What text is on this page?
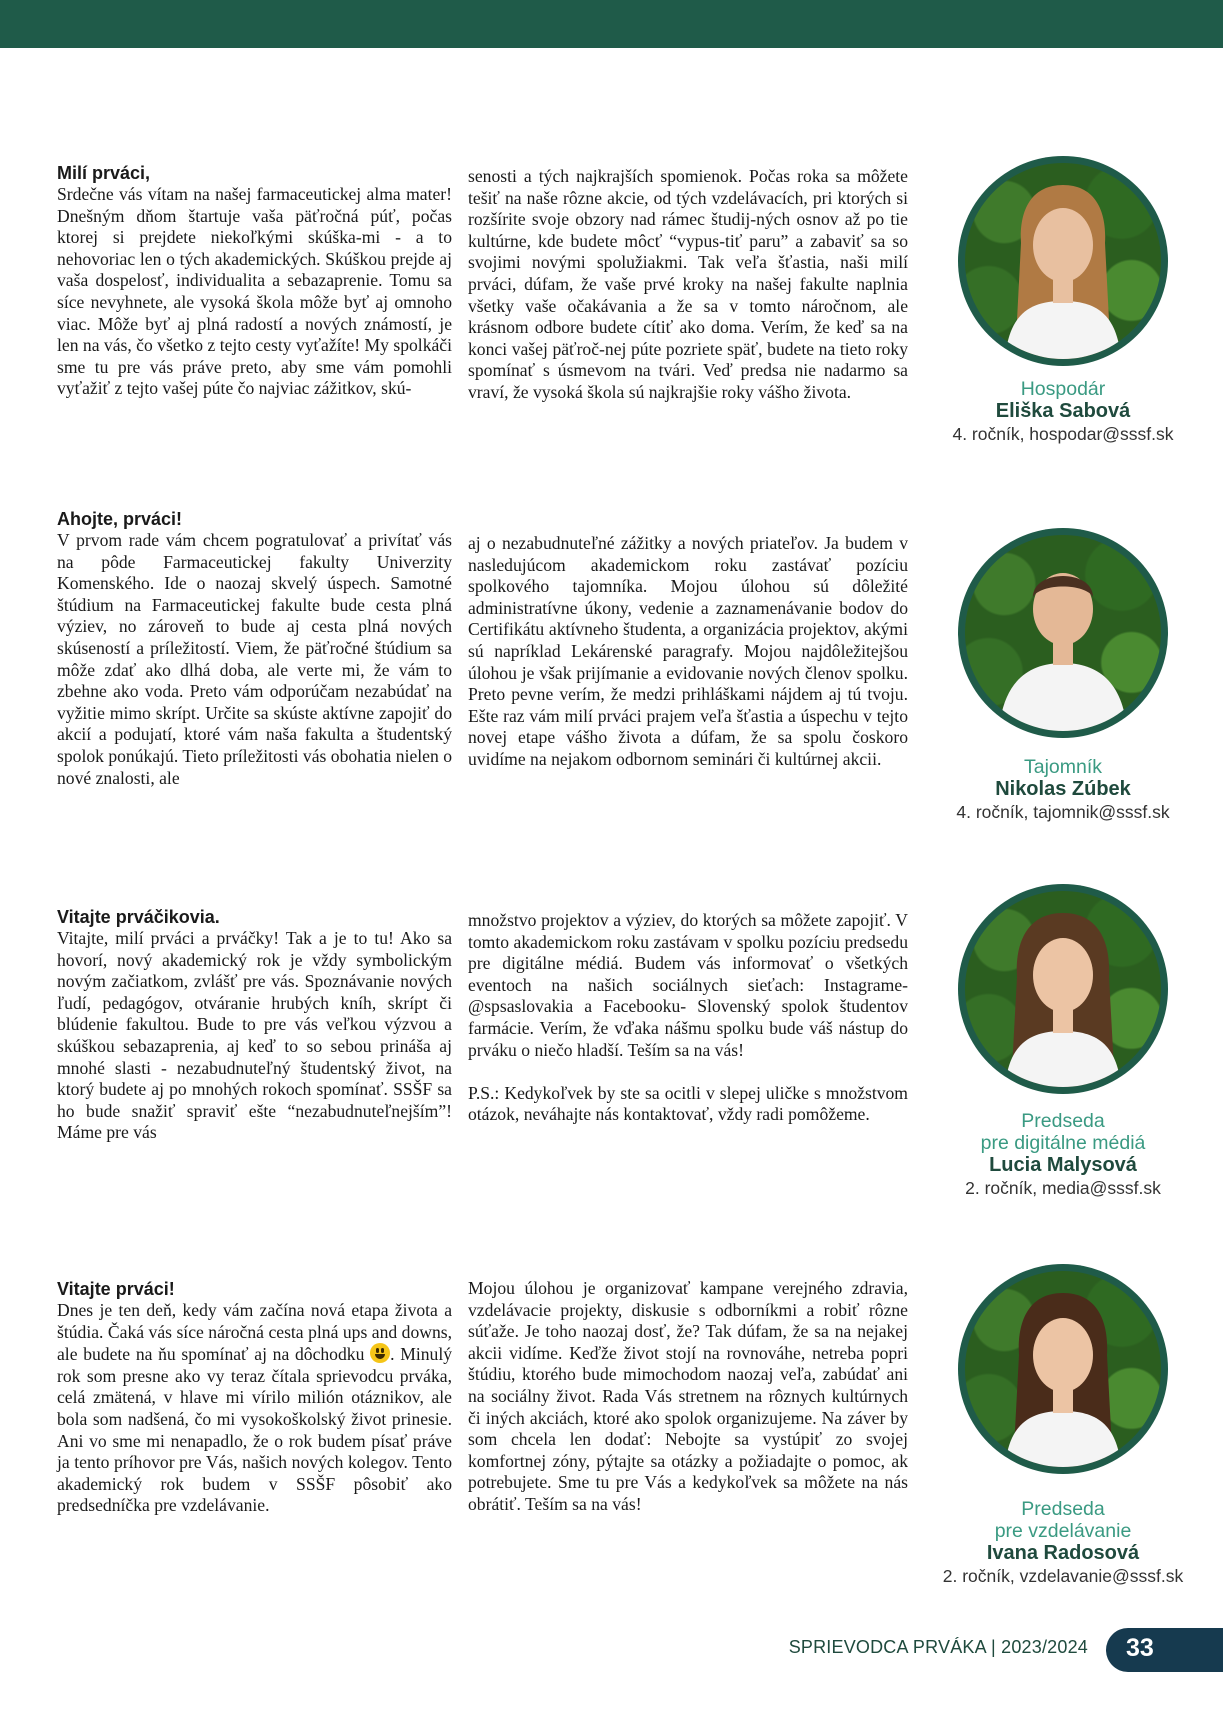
Milí prváci,

Srdečne vás vítam na našej farmaceutickej alma mater! Dnešným dňom štartuje vaša päťročná púť, počas ktorej si prejdete niekoľkými skúška-mi - a to nehovoriac len o tých akademických. Skúškou prejde aj vaša dospelosť, individualita a sebazaprenie. Tomu sa síce nevyhnete, ale vysoká škola môže byť aj omnoho viac. Môže byť aj plná radostí a nových známostí, je len na vás, čo všetko z tejto cesty vyťažíte! My spolkáči sme tu pre vás práve preto, aby sme vám pomohli vyťažiť z tejto vašej púte čo najviac zážitkov, skú-

senosti a tých najkrajších spomienok. Počas roka sa môžete tešiť na naše rôzne akcie, od tých vzdelávacích, pri ktorých si rozšírite svoje obzory nad rámec študij-ných osnov až po tie kultúrne, kde budete môcť “vypus-tiť paru” a zabaviť sa so svojimi novými spolužiakmi. Tak veľa šťastia, naši milí prváci, dúfam, že vaše prvé kroky na našej fakulte naplnia všetky vaše očakávania a že sa v tomto náročnom, ale krásnom odbore budete cítiť ako doma. Verím, že keď sa na konci vašej päťroč-nej púte pozriete späť, budete na tieto roky spomínať s úsmevom na tvári. Veď predsa nie nadarmo sa vraví, že vysoká škola sú najkrajšie roky vášho života.	Hospodár
Eliška Sabová
4. ročník, hospodar@sssf.sk

Ahojte, prváci!

V prvom rade vám chcem pogratulovať a privítať vás na pôde Farmaceutickej fakulty Univerzity Komenského. Ide o naozaj skvelý úspech. Samotné štúdium na Farmaceutickej fakulte bude cesta plná výziev, no zároveň to bude aj cesta plná nových skúseností a príležitostí. Viem, že päťročné štúdium sa môže zdať ako dlhá doba, ale verte mi, že vám to zbehne ako voda. Preto vám odporúčam nezabúdať na vyžitie mimo skrípt. Určite sa skúste aktívne zapojiť do akcií a podujatí, ktoré vám naša fakulta a študentský spolok ponúkajú. Tieto príležitosti vás obohatia nielen o nové znalosti, ale

aj o nezabudnuteľné zážitky a nových priateľov. Ja budem v nasledujúcom akademickom roku zastávať pozíciu spolkového tajomníka. Mojou úlohou sú dôležité administratívne úkony, vedenie a zaznamenávanie bodov do Certifikátu aktívneho študenta, a organizácia projektov, akými sú napríklad Lekárenské paragrafy. Mojou najdôležitejšou úlohou je však prijímanie a evidovanie nových členov spolku. Preto pevne verím, že medzi prihláškami nájdem aj tú tvoju. Ešte raz vám milí prváci prajem veľa šťastia a úspechu v tejto novej etape vášho života a dúfam, že sa spolu čoskoro uvidíme na nejakom odbornom seminári či kultúrnej akcii.	Tajomník
Nikolas Zúbek
4. ročník, tajomnik@sssf.sk

Vitajte prváčikovia.

Vitajte, milí prváci a prváčky! Tak a je to tu! Ako sa hovorí, nový akademický rok je vždy symbolickým novým začiatkom, zvlášť pre vás. Spoznávanie nových ľudí, pedagógov, otváranie hrubých kníh, skrípt či blúdenie fakultou. Bude to pre vás veľkou výzvou a skúškou sebazaprenia, aj keď to so sebou prináša aj mnohé slasti - nezabudnuteľný študentský život, na ktorý budete aj po mnohých rokoch spomínať. SSŠF sa ho bude snažiť spraviť ešte “nezabudnuteľnejším”! Máme pre vás

množstvo projektov a výziev, do ktorých sa môžete zapojiť. V tomto akademickom roku zastávam v spolku pozíciu predsedu pre digitálne médiá. Budem vás informovať o všetkých eventoch na našich sociálnych sieťach: Instagrame- @spsaslovakia a Facebooku- Slovenský spolok študentov farmácie. Verím, že vďaka nášmu spolku bude váš nástup do prváku o niečo hladší. Teším sa na vás!

P.S.: Kedykoľvek by ste sa ocitli v slepej uličke s množstvom otázok, neváhajte nás kontaktovať, vždy radi pomôžeme.	Predseda
pre digitálne médiá
Lucia Malysová
2. ročník, media@sssf.sk

Vitajte prváci!

Dnes je ten deň, kedy vám začína nová etapa života a štúdia. Čaká vás síce náročná cesta plná ups and downs, ale budete na ňu spomínať aj na dôchodku . Minulý rok som presne ako vy teraz čítala sprievodcu prváka, celá zmätená, v hlave mi vírilo milión otáznikov, ale bola som nadšená, čo mi vysokoškolský život prinesie. Ani vo sme mi nenapadlo, že o rok budem písať práve ja tento príhovor pre Vás, našich nových kolegov. Tento akademický rok budem v SSŠF pôsobiť ako predsedníčka pre vzdelávanie.

Mojou úlohou je organizovať kampane verejného zdravia, vzdelávacie projekty, diskusie s odborníkmi a robiť rôzne súťaže. Je toho naozaj dosť, že? Tak dúfam, že sa na nejakej akcii vidíme. Keďže život stojí na rovnováhe, netreba popri štúdiu, ktorého bude mimochodom naozaj veľa, zabúdať ani na sociálny život. Rada Vás stretnem na rôznych kultúrnych či iných akciách, ktoré ako spolok organizujeme. Na záver by som chcela len dodať: Nebojte sa vystúpiť zo svojej komfortnej zóny, pýtajte sa otázky a požiadajte o pomoc, ak potrebujete. Sme tu pre Vás a kedykoľvek sa môžete na nás obrátiť. Teším sa na vás!	Predseda
pre vzdelávanie
Ivana Radosová
2. ročník, vzdelavanie@sssf.sk
SPRIEVODCA PRVÁKA | 2023/2024 33
